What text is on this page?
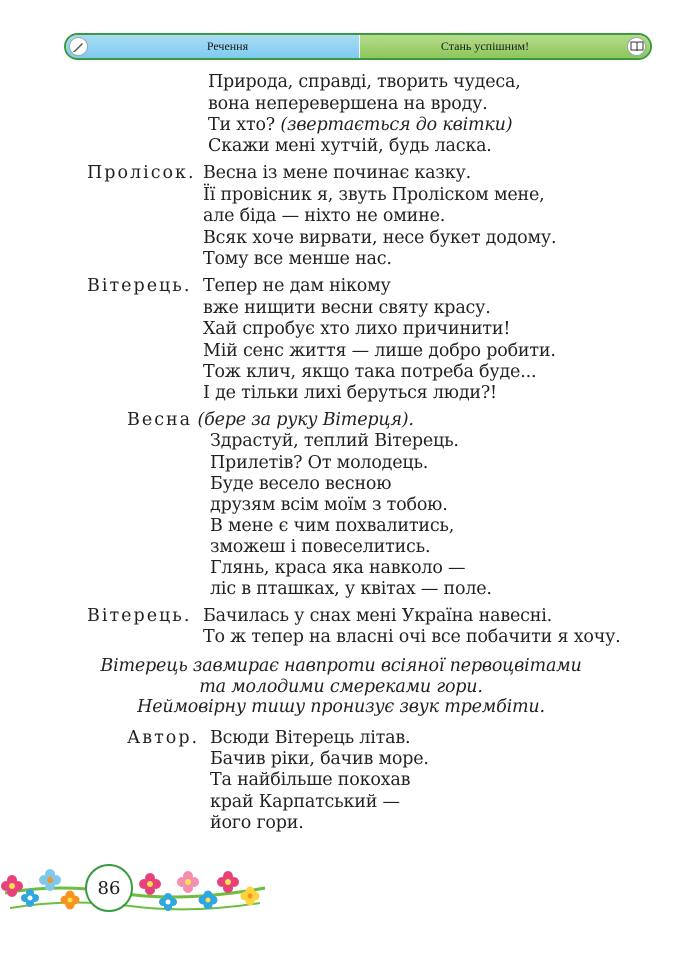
Речення	Стань успішним!
Природа, справді, творить чудеса,
вона неперевершена на вроду.
Ти хто? (звертається до квітки)
Скажи мені хутчій, будь ласка.
Пролісок. Весна із мене починає казку.
Її провісник я, звуть Проліском мене,
але біда — ніхто не омине.
Всяк хоче вирвати, несе букет додому.
Тому все менше нас.
Вітерець. Тепер не дам нікому
вже нищити весни святу красу.
Хай спробує хто лихо причинити!
Мій сенс життя — лише добро робити.
Тож клич, якщо така потреба буде...
І де тільки лихі беруться люди?!
Весна (бере за руку Вітерця).
Здрастуй, теплий Вітерець.
Прилетів? От молодець.
Буде весело весною
друзям всім моїм з тобою.
В мене є чим похвалитись,
зможеш і повеселитись.
Глянь, краса яка навколо —
ліс в пташках, у квітах — поле.
Вітерець. Бачилась у снах мені Україна навесні.
То ж тепер на власні очі все побачити я хочу.
Вітерець завмирає навпроти всіяної первоцвітами
та молодими смереками гори.
Неймовірну тишу пронизує звук трембіти.
Автор. Всюди Вітерець літав.
Бачив ріки, бачив море.
Та найбільше покохав
край Карпатський —
його гори.
86
